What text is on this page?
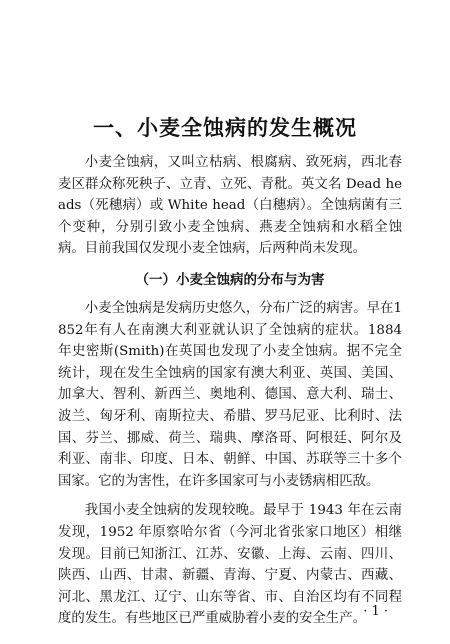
一、小麦全蚀病的发生概况

小麦全蚀病，又叫立枯病、根腐病、致死病，西北春麦区群众称死秧子、立青、立死、青秕。英文名 Dead heads（死穗病）或 White head（白穗病）。全蚀病菌有三个变种，分别引致小麦全蚀病、燕麦全蚀病和水稻全蚀病。目前我国仅发现小麦全蚀病，后两种尚未发现。

（一）小麦全蚀病的分布与为害

小麦全蚀病是发病历史悠久，分布广泛的病害。早在1852年有人在南澳大利亚就认识了全蚀病的症状。1884 年史密斯(Smith)在英国也发现了小麦全蚀病。据不完全统计，现在发生全蚀病的国家有澳大利亚、英国、美国、加拿大、智利、新西兰、奥地利、德国、意大利、瑞士、波兰、匈牙利、南斯拉夫、希腊、罗马尼亚、比利时、法国、芬兰、挪威、荷兰、瑞典、摩洛哥、阿根廷、阿尔及利亚、南非、印度、日本、朝鲜、中国、苏联等三十多个国家。它的为害性，在许多国家可与小麦锈病相匹敌。

我国小麦全蚀病的发现较晚。最早于 1943 年在云南发现，1952 年原察哈尔省（今河北省张家口地区）相继发现。目前已知浙江、江苏、安徽、上海、云南、四川、陕西、山西、甘肃、新疆、青海、宁夏、内蒙古、西藏、河北、黑龙江、辽宁、山东等省、市、自治区均有不同程度的发生。有些地区已严重威胁着小麦的安全生产。

· 1 ·
